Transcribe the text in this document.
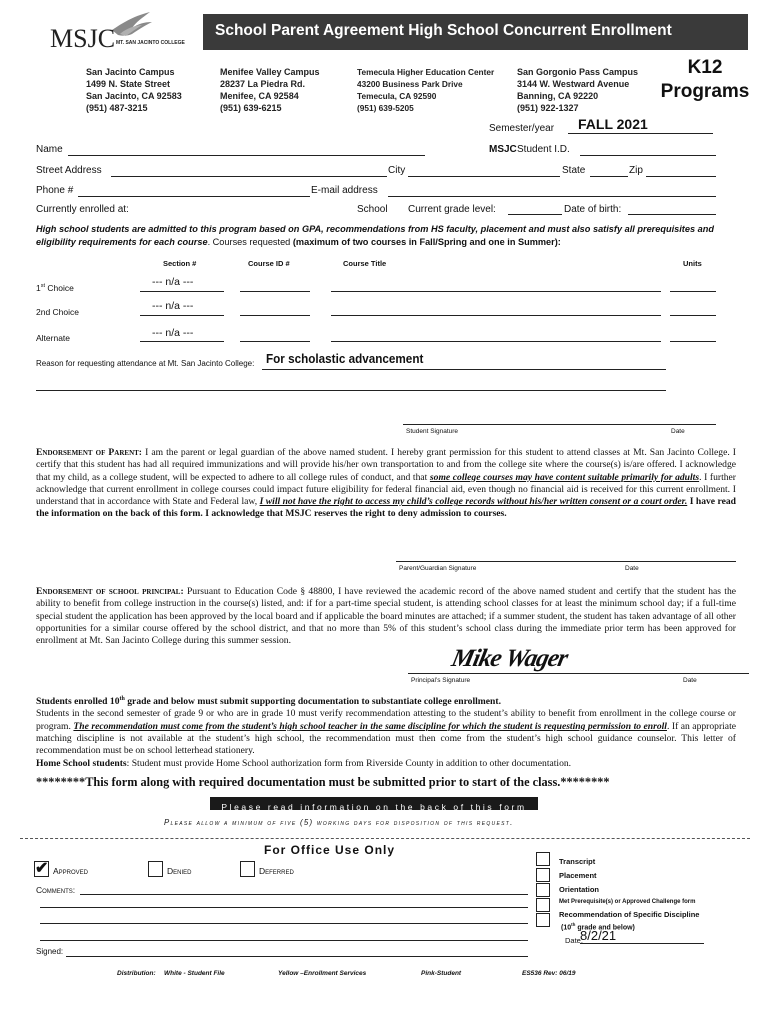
MSJC MT. SAN JACINTO COLLEGE
School Parent Agreement High School Concurrent Enrollment
San Jacinto Campus
1499 N. State Street
San Jacinto, CA 92583
(951) 487-3215
Menifee Valley Campus
28237 La Piedra Rd.
Menifee, CA 92584
(951) 639-6215
Temecula Higher Education Center
43200 Business Park Drive
Temecula, CA 92590
(951) 639-5205
San Gorgonio Pass Campus
3144 W. Westward Avenue
Banning, CA 92220
(951) 922-1327
K12
Programs
Semester/year FALL 2021
Name	MSJC Student I.D.
Street Address	City	State	Zip
Phone #	E-mail address
Currently enrolled at:	School Current grade level:	Date of birth:
High school students are admitted to this program based on GPA, recommendations from HS faculty, placement and must also satisfy all prerequisites and eligibility requirements for each course. Courses requested (maximum of two courses in Fall/Spring and one in Summer):
Section #	Course ID #	Course Title	Units
1st Choice	--- n/a ---
2nd Choice	--- n/a ---
Alternate	--- n/a ---
Reason for requesting attendance at Mt. San Jacinto College: For scholastic advancement
Student Signature	Date
Endorsement of Parent: I am the parent or legal guardian of the above named student. I hereby grant permission for this student to attend classes at Mt. San Jacinto College. I certify that this student has had all required immunizations and will provide his/her own transportation to and from the college site where the course(s) is/are offered. I acknowledge that my child, as a college student, will be expected to adhere to all college rules of conduct, and that some college courses may have content suitable primarily for adults. I further acknowledge that current enrollment in college courses could impact future eligibility for federal financial aid, even though no financial aid is received for this current enrollment. I understand that in accordance with State and Federal law, I will not have the right to access my child’s college records without his/her written consent or a court order. I have read the information on the back of this form. I acknowledge that MSJC reserves the right to deny admission to courses.
Parent/Guardian Signature	Date
Endorsement of school principal: Pursuant to Education Code § 48800, I have reviewed the academic record of the above named student and certify that the student has the ability to benefit from college instruction in the course(s) listed, and: if for a part-time special student, is attending school classes for at least the minimum school day; if a full-time special student the application has been approved by the local board and if applicable the board minutes are attached; if a summer student, the student has taken advantage of all other opportunities for a similar course offered by the school district, and that no more than 5% of this student’s school class during the immediate prior term has been approved for enrollment at Mt. San Jacinto College during this summer session.
Mike Wager
Principal’s Signature	Date
Students enrolled 10th grade and below must submit supporting documentation to substantiate college enrollment.
Students in the second semester of grade 9 or who are in grade 10 must verify recommendation attesting to the student’s ability to benefit from enrollment in the college course or program. The recommendation must come from the student’s high school teacher in the same discipline for which the student is requesting permission to enroll. If an appropriate matching discipline is not available at the student’s high school, the recommendation must then come from the student’s high school guidance counselor. This letter of recommendation must be on school letterhead stationery.
Home School students: Student must provide Home School authorization form from Riverside County in addition to other documentation.
********This form along with required documentation must be submitted prior to start of the class.********
Please read information on the back of this form
Please allow a minimum of five (5) working days for disposition of this request.
For Office Use Only
✔ Approved	Denied	Deferred
Comments:
Signed:
Transcript
Placement
Orientation
Met Prerequisite(s) or Approved Challenge form
Recommendation of Specific Discipline
(10th grade and below)
Date:
8/2/21
Distribution: White - Student File	Yellow –Enrollment Services	Pink-Student	ES536 Rev: 06/19
